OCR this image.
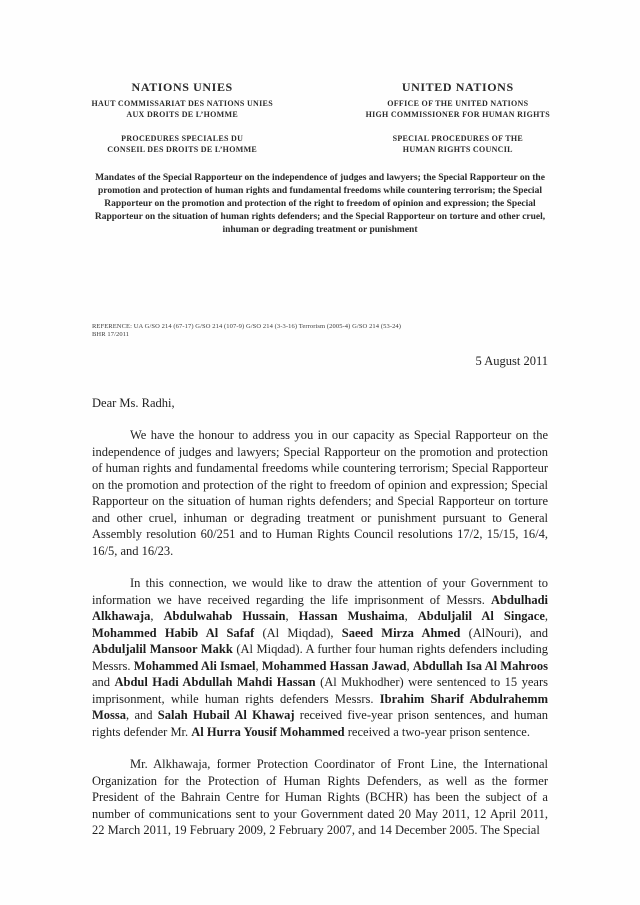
NATIONS UNIES
HAUT COMMISSARIAT DES NATIONS UNIES
AUX DROITS DE L’HOMME
PROCEDURES SPECIALES DU
CONSEIL DES DROITS DE L’HOMME
UNITED NATIONS
OFFICE OF THE UNITED NATIONS
HIGH COMMISSIONER FOR HUMAN RIGHTS
SPECIAL PROCEDURES OF THE
HUMAN RIGHTS COUNCIL
Mandates of the Special Rapporteur on the independence of judges and lawyers; the Special Rapporteur on the promotion and protection of human rights and fundamental freedoms while countering terrorism; the Special Rapporteur on the promotion and protection of the right to freedom of opinion and expression; the Special Rapporteur on the situation of human rights defenders; and the Special Rapporteur on torture and other cruel, inhuman or degrading treatment or punishment
REFERENCE: UA G/SO 214 (67-17) G/SO 214 (107-9) G/SO 214 (3-3-16) Terrorism (2005-4) G/SO 214 (53-24)
BHR 17/2011
5 August 2011
Dear Ms. Radhi,

We have the honour to address you in our capacity as Special Rapporteur on the independence of judges and lawyers; Special Rapporteur on the promotion and protection of human rights and fundamental freedoms while countering terrorism; Special Rapporteur on the promotion and protection of the right to freedom of opinion and expression; Special Rapporteur on the situation of human rights defenders; and Special Rapporteur on torture and other cruel, inhuman or degrading treatment or punishment pursuant to General Assembly resolution 60/251 and to Human Rights Council resolutions 17/2, 15/15, 16/4, 16/5, and 16/23.

In this connection, we would like to draw the attention of your Government to information we have received regarding the life imprisonment of Messrs. Abdulhadi Alkhawaja, Abdulwahab Hussain, Hassan Mushaima, Abduljalil Al Singace, Mohammed Habib Al Safaf (Al Miqdad), Saeed Mirza Ahmed (AlNouri), and Abduljalil Mansoor Makk (Al Miqdad). A further four human rights defenders including Messrs. Mohammed Ali Ismael, Mohammed Hassan Jawad, Abdullah Isa Al Mahroos and Abdul Hadi Abdullah Mahdi Hassan (Al Mukhodher) were sentenced to 15 years imprisonment, while human rights defenders Messrs. Ibrahim Sharif Abdulrahemm Mossa, and Salah Hubail Al Khawaj received five-year prison sentences, and human rights defender Mr. Al Hurra Yousif Mohammed received a two-year prison sentence.

Mr. Alkhawaja, former Protection Coordinator of Front Line, the International Organization for the Protection of Human Rights Defenders, as well as the former President of the Bahrain Centre for Human Rights (BCHR) has been the subject of a number of communications sent to your Government dated 20 May 2011, 12 April 2011, 22 March 2011, 19 February 2009, 2 February 2007, and 14 December 2005. The Special
